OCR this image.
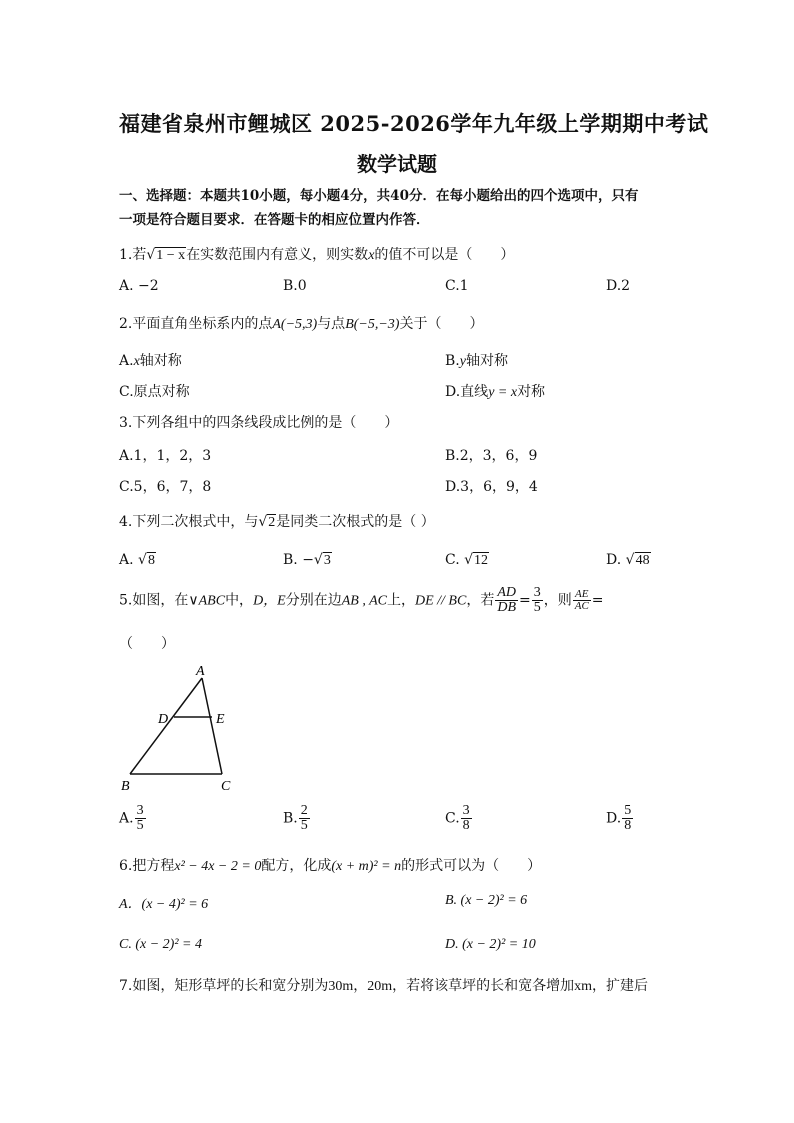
福建省泉州市鲤城区 2025-2026学年九年级上学期期中考试
数学试题
一、选择题：本题共10小题，每小题4分，共40分．在每小题给出的四个选项中，只有
一项是符合题目要求．在答题卡的相应位置内作答．
1.若√1 − x在实数范围内有意义，则实数x的值不可以是（　　）
A. −2	B.0	C.1	D.2
2.平面直角坐标系内的点A(−5,3)与点B(−5,−3)关于（　　）
A.x轴对称	B.y轴对称
C.原点对称	D.直线y = x对称
3.下列各组中的四条线段成比例的是（　　）
A.1，1，2，3	B.2，3，6，9
C.5，6，7，8	D.3，6，9，4
4.下列二次根式中，与√2是同类二次根式的是（ ）
A. √8	B. −√3	C. √12	D. √48
5.如图，在∨ABC中，D，E分别在边AB , AC上，DE // BC，若 $\frac{AD}{DB} = \frac{3}{5}$ ，则 $\frac{AE}{AC}$ =
（　　）
A
D	E
B	C
A. $\frac{3}{5}$	B. $\frac{2}{5}$	C. $\frac{3}{8}$	D. $\frac{5}{8}$
6.把方程x² − 4x − 2 = 0配方，化成(x + m)² = n的形式可以为（　　）
A．(x − 4)² = 6	B. (x − 2)² = 6
C. (x − 2)² = 4	D. (x − 2)² = 10
7.如图，矩形草坪的长和宽分别为30m，20m，若将该草坪的长和宽各增加xm，扩建后
